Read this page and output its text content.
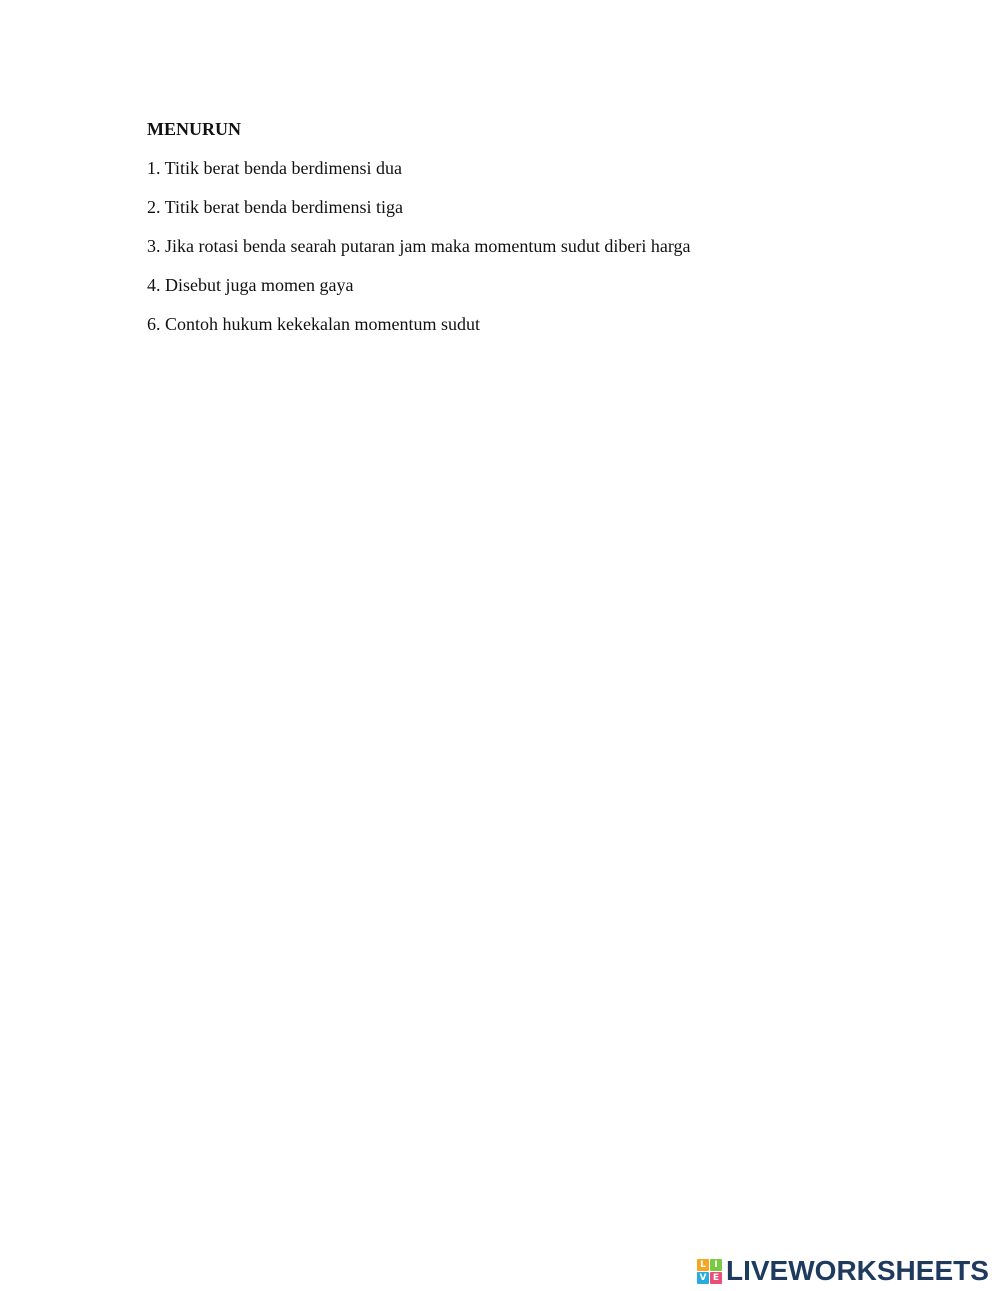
MENURUN
1. Titik berat benda berdimensi dua
2. Titik berat benda berdimensi tiga
3. Jika rotasi benda searah putaran jam maka momentum sudut diberi harga
4. Disebut juga momen gaya
6. Contoh hukum kekekalan momentum sudut
L I
V E LIVEWORKSHEETS
